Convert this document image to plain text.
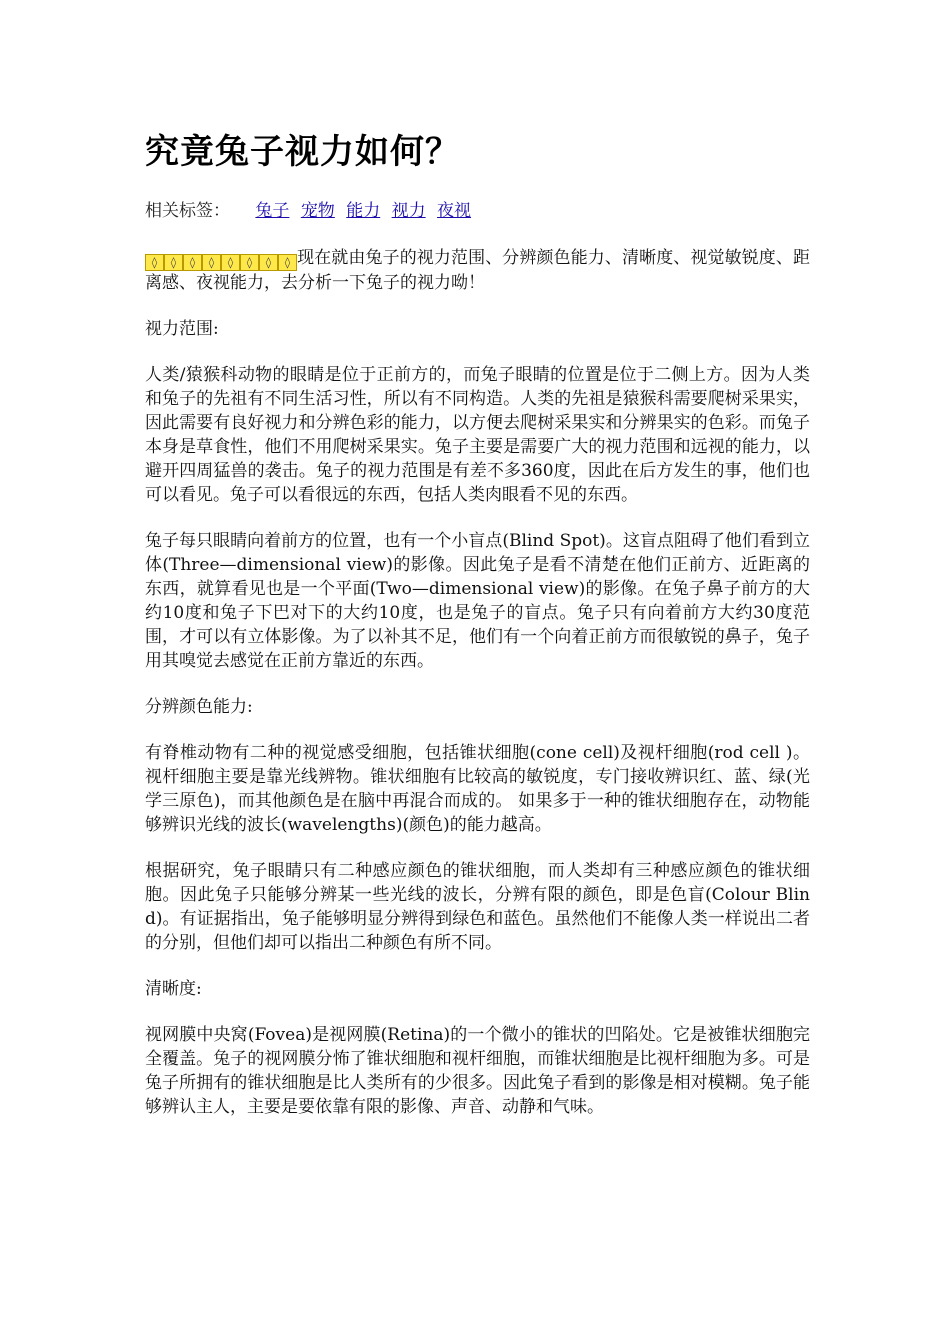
究竟兔子视力如何？
相关标签： 兔子 宠物 能力 视力 夜视

◊	◊	◊	◊	◊	◊	◊	◊ 现在就由兔子的视力范围、分辨颜色能力、清晰度、视觉敏锐度、距离感、夜视能力，去分析一下兔子的视力呦！

视力范围:

人类/猿猴科动物的眼睛是位于正前方的，而兔子眼睛的位置是位于二侧上方。因为人类和兔子的先祖有不同生活习性，所以有不同构造。人类的先祖是猿猴科需要爬树采果实，因此需要有良好视力和分辨色彩的能力，以方便去爬树采果实和分辨果实的色彩。而兔子本身是草食性，他们不用爬树采果实。兔子主要是需要广大的视力范围和远视的能力，以避开四周猛兽的袭击。兔子的视力范围是有差不多360度，因此在后方发生的事，他们也可以看见。兔子可以看很远的东西，包括人类肉眼看不见的东西。

兔子每只眼睛向着前方的位置，也有一个小盲点(Blind Spot)。这盲点阻碍了他们看到立体(Three—dimensional view)的影像。因此兔子是看不清楚在他们正前方、近距离的东西，就算看见也是一个平面(Two—dimensional view)的影像。在兔子鼻子前方的大约10度和兔子下巴对下的大约10度，也是兔子的盲点。兔子只有向着前方大约30度范围，才可以有立体影像。为了以补其不足，他们有一个向着正前方而很敏锐的鼻子，兔子用其嗅觉去感觉在正前方靠近的东西。

分辨颜色能力:

有脊椎动物有二种的视觉感受细胞，包括锥状细胞(cone cell)及视杆细胞(rod cell )。视杆细胞主要是靠光线辨物。锥状细胞有比较高的敏锐度，专门接收辨识红、蓝、绿(光学三原色)，而其他颜色是在脑中再混合而成的。 如果多于一种的锥状细胞存在，动物能够辨识光线的波长(wavelengths)(颜色)的能力越高。

根据研究，兔子眼睛只有二种感应颜色的锥状细胞，而人类却有三种感应颜色的锥状细胞。因此兔子只能够分辨某一些光线的波长，分辨有限的颜色，即是色盲(Colour Blind)。有证据指出，兔子能够明显分辨得到绿色和蓝色。虽然他们不能像人类一样说出二者的分别，但他们却可以指出二种颜色有所不同。

清晰度:

视网膜中央窝(Fovea)是视网膜(Retina)的一个微小的锥状的凹陷处。它是被锥状细胞完全覆盖。兔子的视网膜分怖了锥状细胞和视杆细胞，而锥状细胞是比视杆细胞为多。可是兔子所拥有的锥状细胞是比人类所有的少很多。因此兔子看到的影像是相对模糊。兔子能够辨认主人，主要是要依靠有限的影像、声音、动静和气味。
